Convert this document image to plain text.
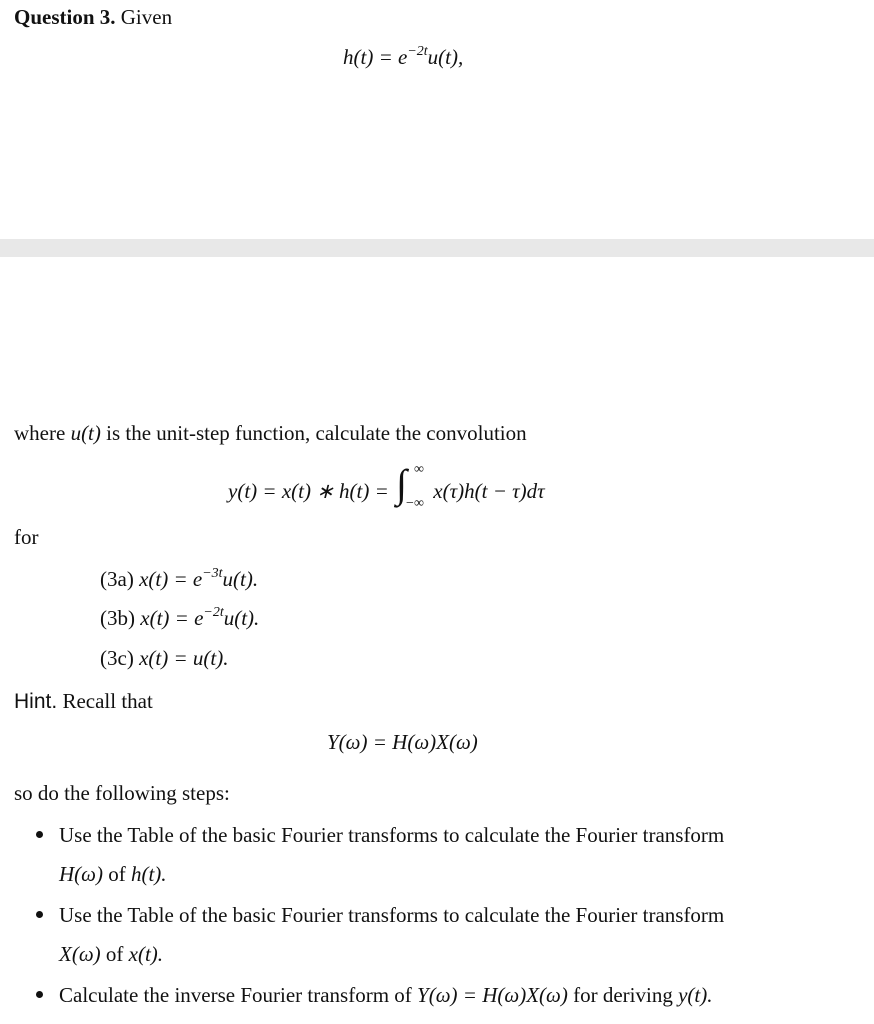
Question 3. Given
$h(t) = e^{-2t}u(t)$,
where u(t) is the unit-step function, calculate the convolution
y(t) = x(t) ∗ h(t) = ∫ ∞
−∞
x(τ)h(t − τ)dτ
for
(3a) $x(t) = e^{-3t}u(t)$.
(3b) $x(t) = e^{-2t}u(t)$.
(3c) x(t) = u(t).
Hint. Recall that
Y(ω) = H(ω)X(ω)
so do the following steps:
Use the Table of the basic Fourier transforms to calculate the Fourier transform
H(ω) of h(t).
Use the Table of the basic Fourier transforms to calculate the Fourier transform
X(ω) of x(t).
Calculate the inverse Fourier transform of Y(ω) = H(ω)X(ω) for deriving y(t).
